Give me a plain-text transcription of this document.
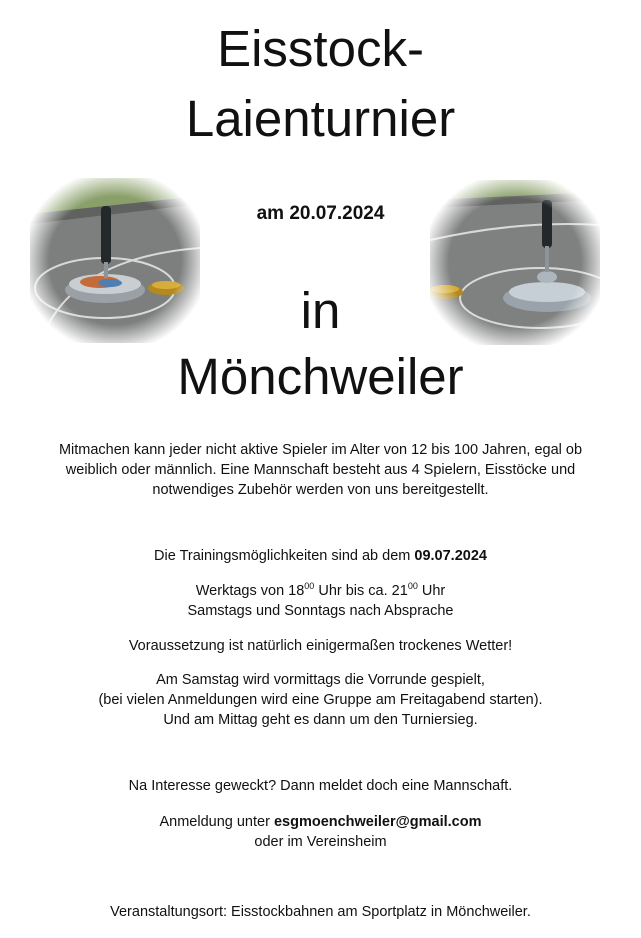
Eisstock-
Laienturnier
am 20.07.2024
in
Mönchweiler
Mitmachen kann jeder nicht aktive Spieler im Alter von 12 bis 100 Jahren, egal ob
weiblich oder männlich. Eine Mannschaft besteht aus 4 Spielern, Eisstöcke und
notwendiges Zubehör werden von uns bereitgestellt.
Die Trainingsmöglichkeiten sind ab dem 09.07.2024
Werktags von $18^{00}$ Uhr bis ca. $21^{00}$ Uhr
Samstags und Sonntags nach Absprache
Voraussetzung ist natürlich einigermaßen trockenes Wetter!
Am Samstag wird vormittags die Vorrunde gespielt,
(bei vielen Anmeldungen wird eine Gruppe am Freitagabend starten).
Und am Mittag geht es dann um den Turniersieg.
Na Interesse geweckt? Dann meldet doch eine Mannschaft.
Anmeldung unter esgmoenchweiler@gmail.com
oder im Vereinsheim
Veranstaltungsort: Eisstockbahnen am Sportplatz in Mönchweiler.
